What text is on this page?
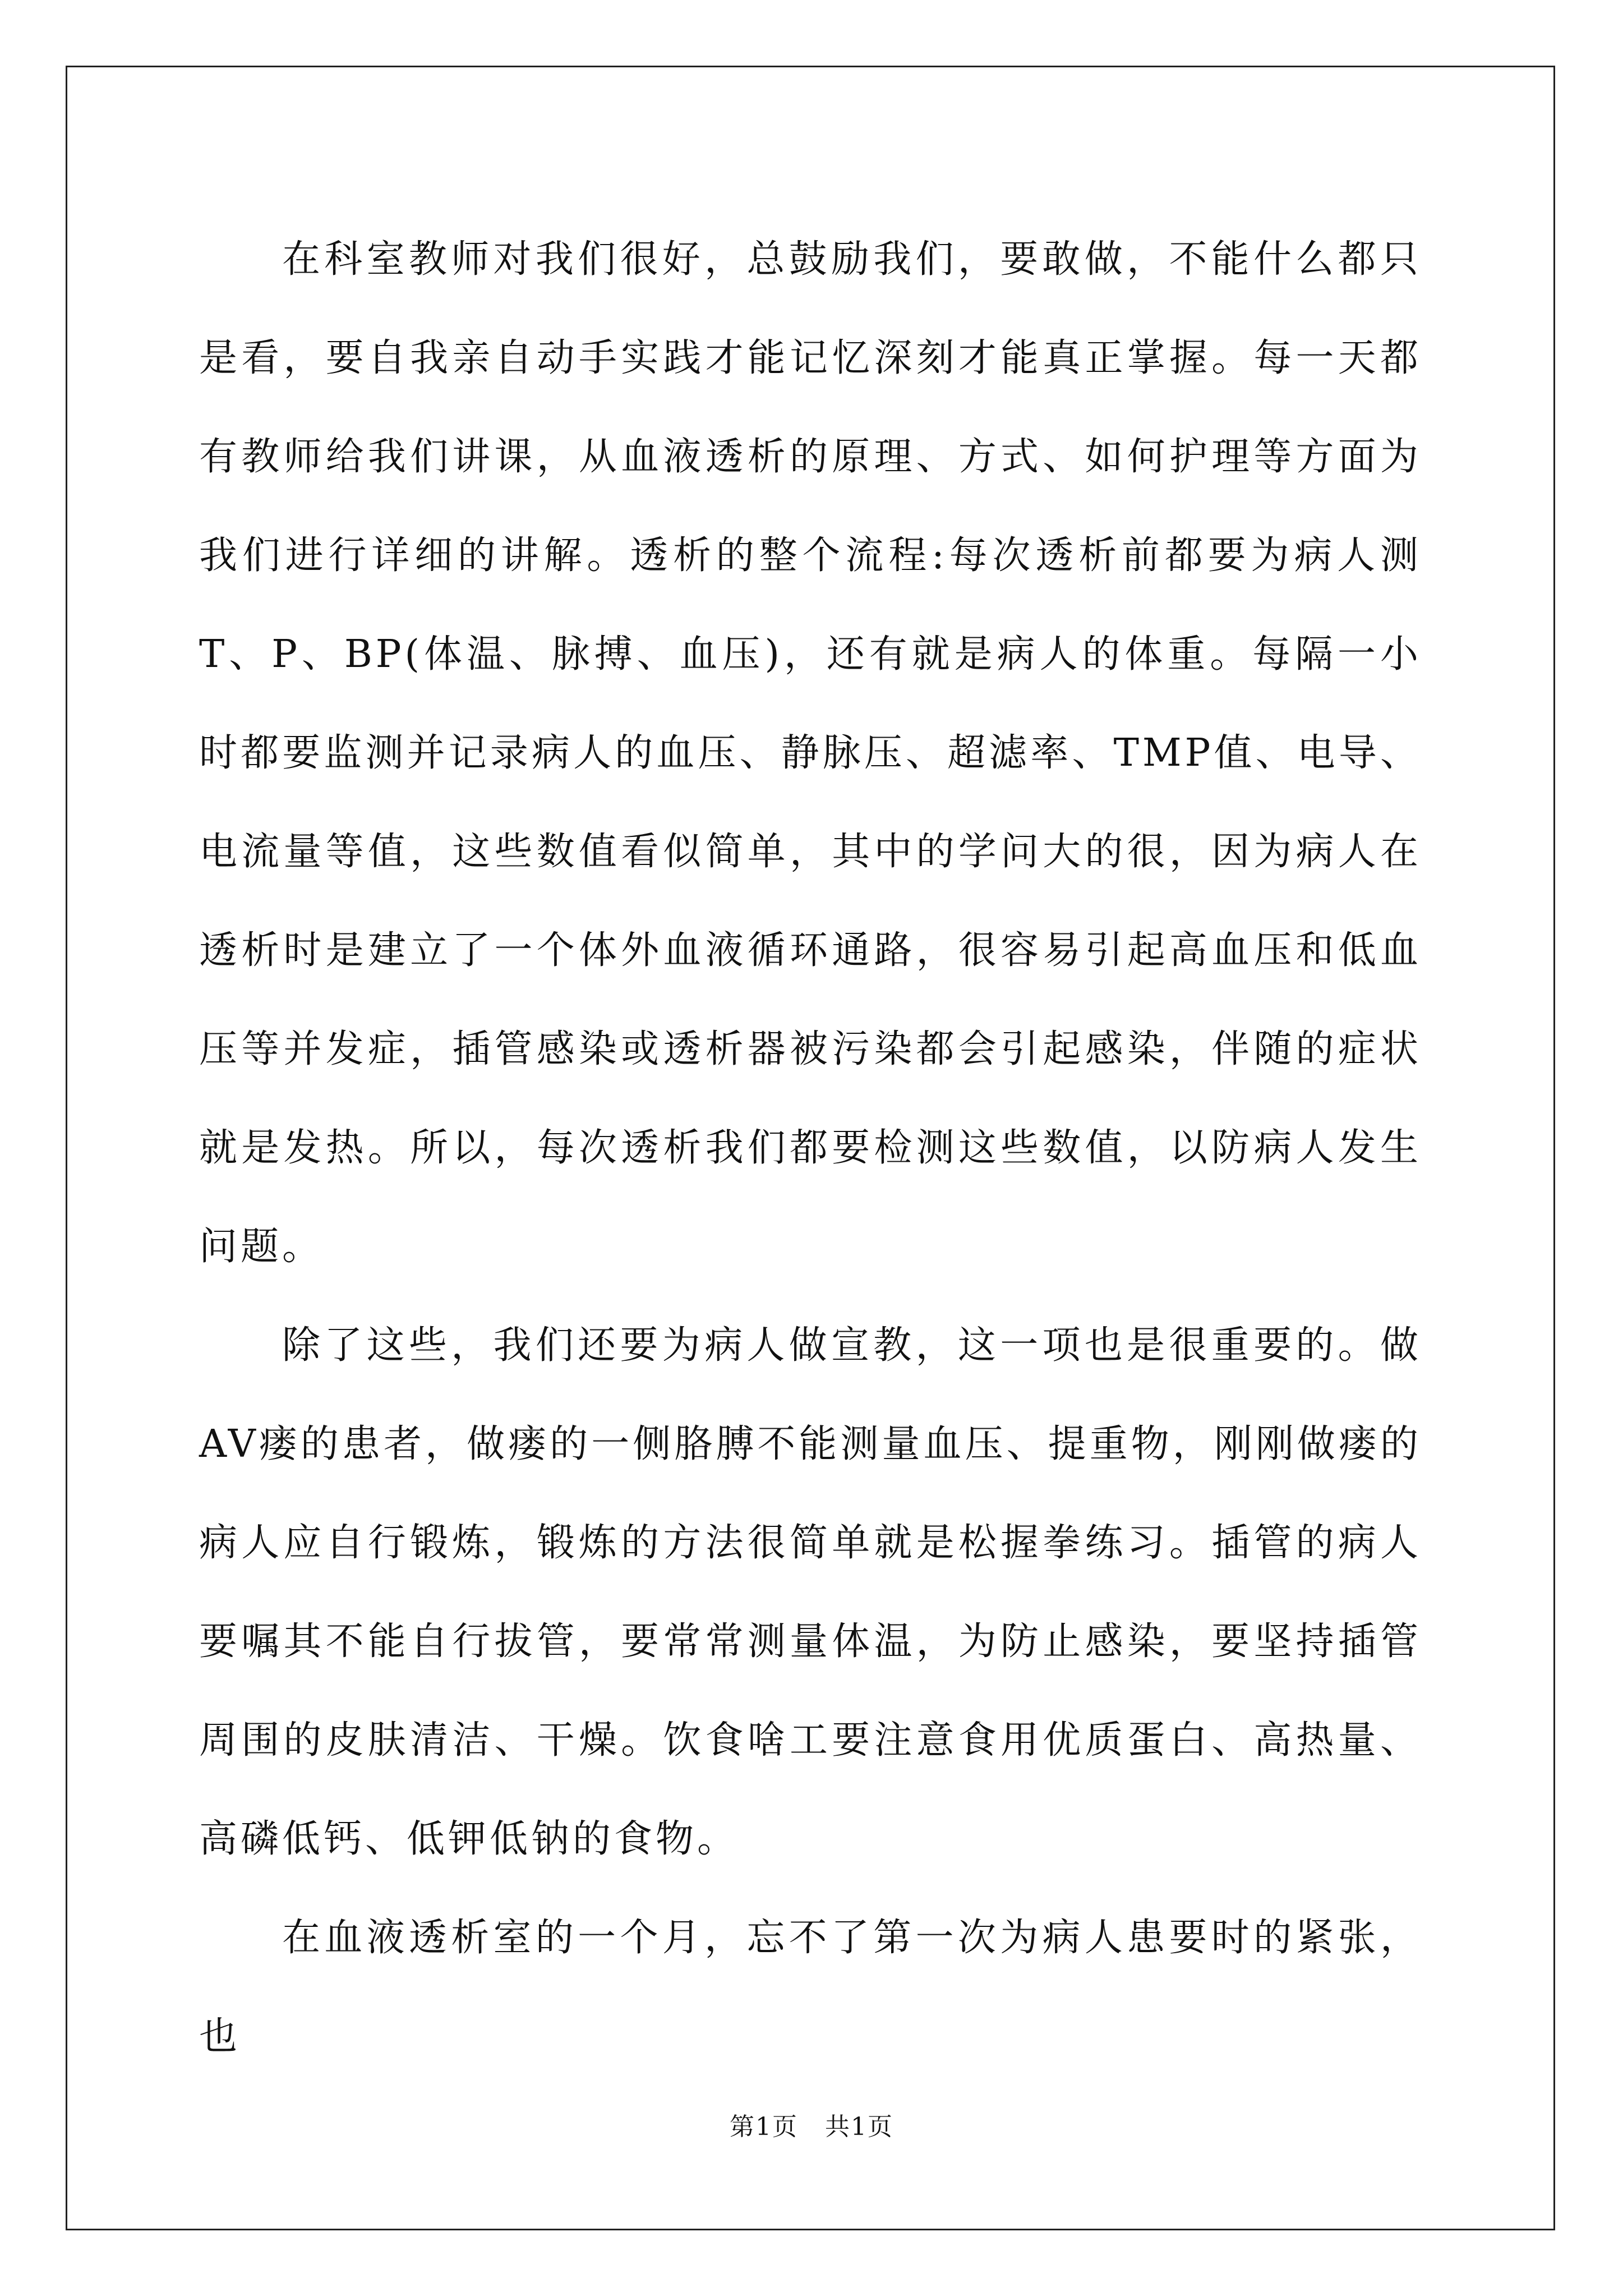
在科室教师对我们很好，总鼓励我们，要敢做，不能什么都只是看，要自我亲自动手实践才能记忆深刻才能真正掌握。每一天都有教师给我们讲课，从血液透析的原理、方式、如何护理等方面为我们进行详细的讲解。透析的整个流程:每次透析前都要为病人测T、P、BP(体温、脉搏、血压)，还有就是病人的体重。每隔一小时都要监测并记录病人的血压、静脉压、超滤率、TMP值、电导、电流量等值，这些数值看似简单，其中的学问大的很，因为病人在透析时是建立了一个体外血液循环通路，很容易引起高血压和低血压等并发症，插管感染或透析器被污染都会引起感染，伴随的症状就是发热。所以，每次透析我们都要检测这些数值，以防病人发生问题。

除了这些，我们还要为病人做宣教，这一项也是很重要的。做AV瘘的患者，做瘘的一侧胳膊不能测量血压、提重物，刚刚做瘘的病人应自行锻炼，锻炼的方法很简单就是松握拳练习。插管的病人要嘱其不能自行拔管，要常常测量体温，为防止感染，要坚持插管周围的皮肤清洁、干燥。饮食啥工要注意食用优质蛋白、高热量、高磷低钙、低钾低钠的食物。

在血液透析室的一个月，忘不了第一次为病人患要时的紧张，也

第1页 共1页
